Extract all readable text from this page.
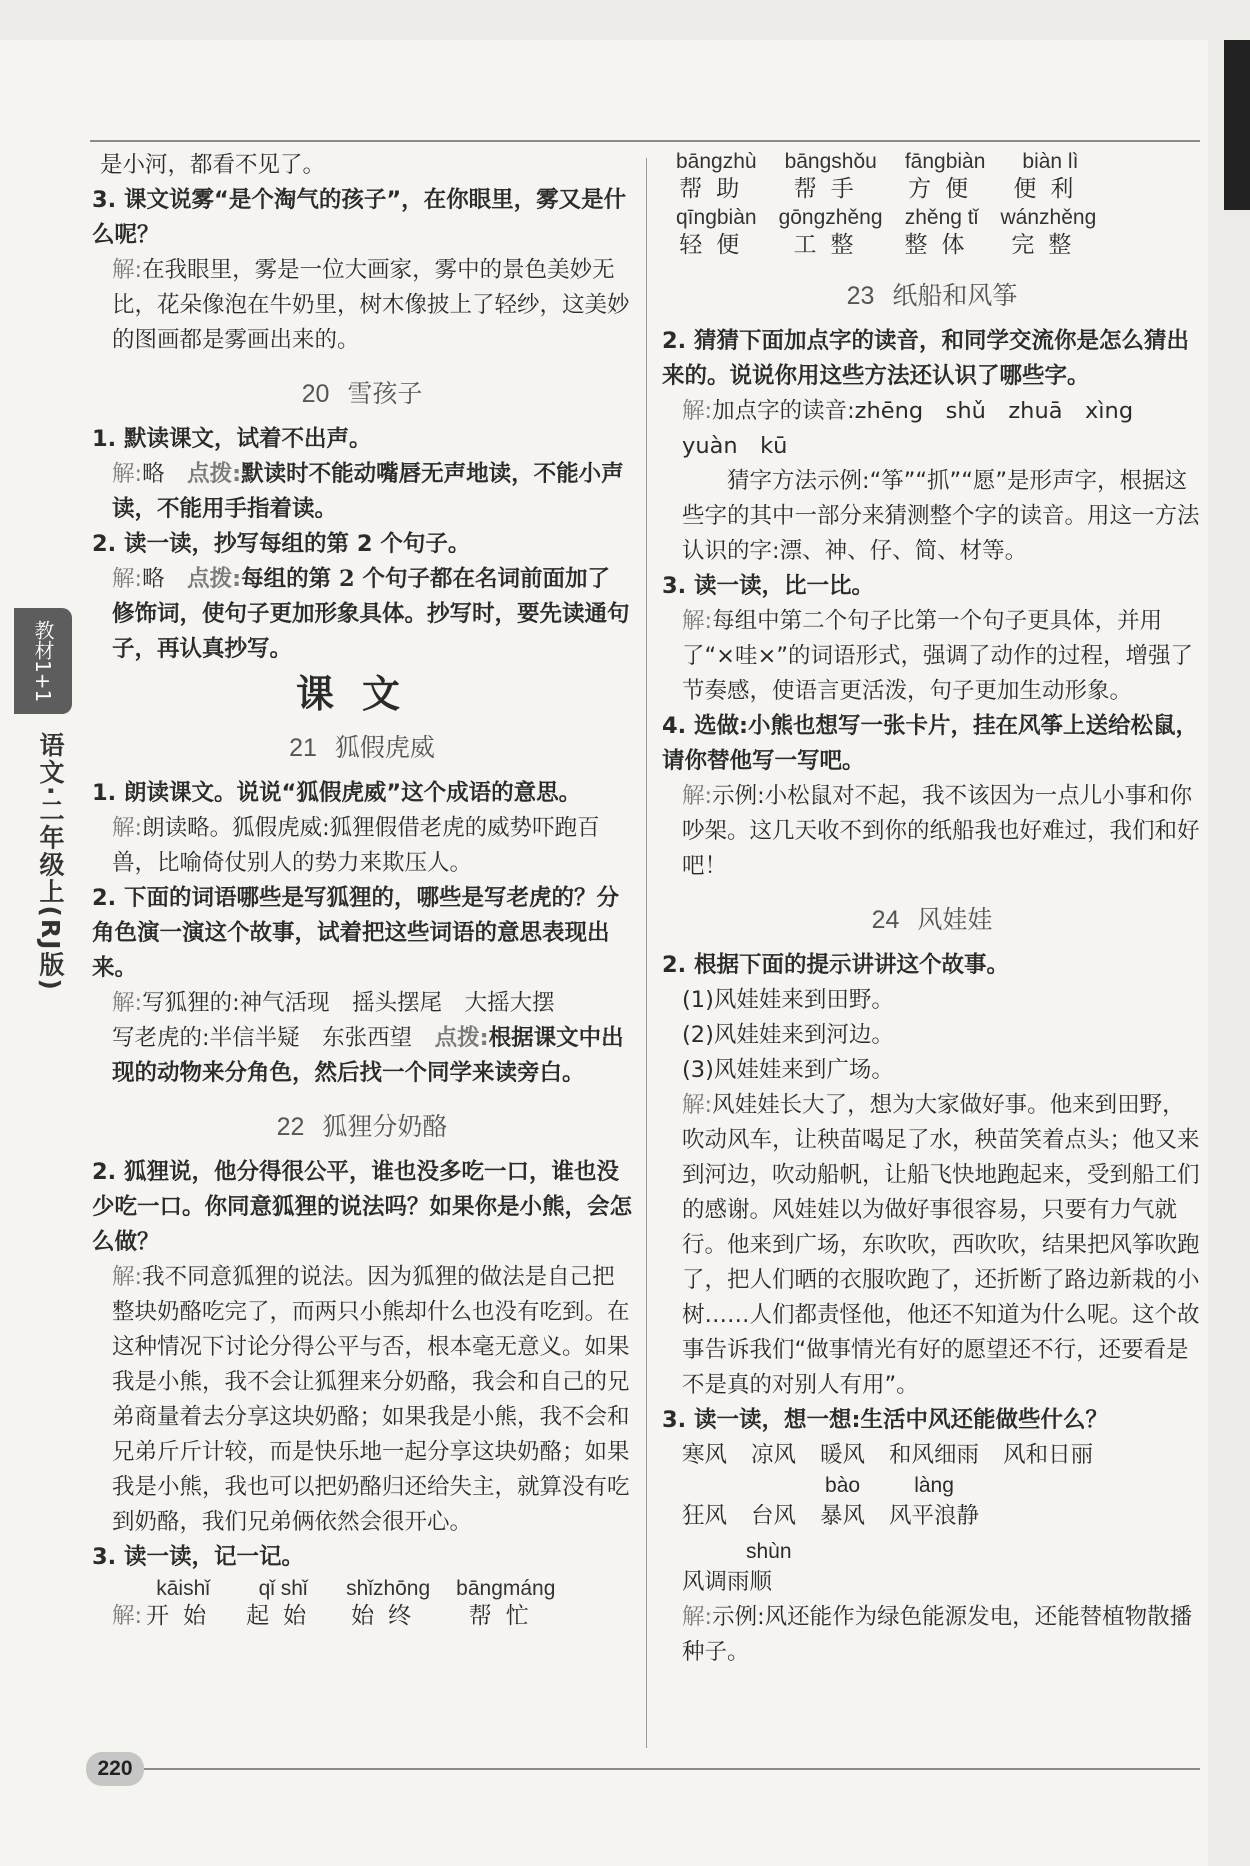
教材1+1
语文·二年级上(RJ版)

是小河，都看不见了。

3. 课文说雾“是个淘气的孩子”，在你眼里，雾又是什么呢？

解:在我眼里，雾是一位大画家，雾中的景色美妙无比，花朵像泡在牛奶里，树木像披上了轻纱，这美妙的图画都是雾画出来的。

20 雪孩子

1. 默读课文，试着不出声。

解:略　 点拨:默读时不能动嘴唇无声地读，不能小声读，不能用手指着读。

2. 读一读，抄写每组的第 2 个句子。

解:略　 点拨:每组的第 2 个句子都在名词前面加了修饰词，使句子更加形象具体。抄写时，要先读通句子，再认真抄写。

课文
21 狐假虎威

1. 朗读课文。说说“狐假虎威”这个成语的意思。

解:朗读略。狐假虎威:狐狸假借老虎的威势吓跑百兽，比喻倚仗别人的势力来欺压人。

2. 下面的词语哪些是写狐狸的，哪些是写老虎的？分角色演一演这个故事，试着把这些词语的意思表现出来。

解:写狐狸的:神气活现　摇头摆尾　大摇大摆

写老虎的:半信半疑　东张西望　 点拨:根据课文中出现的动物来分角色，然后找一个同学来读旁白。

22 狐狸分奶酪

2. 狐狸说，他分得很公平，谁也没多吃一口，谁也没少吃一口。你同意狐狸的说法吗？如果你是小熊，会怎么做？

解:我不同意狐狸的说法。因为狐狸的做法是自己把整块奶酪吃完了，而两只小熊却什么也没有吃到。在这种情况下讨论分得公平与否，根本毫无意义。如果我是小熊，我不会让狐狸来分奶酪，我会和自己的兄弟商量着去分享这块奶酪；如果我是小熊，我不会和兄弟斤斤计较，而是快乐地一起分享这块奶酪；如果我是小熊，我也可以把奶酪归还给失主，就算没有吃到奶酪，我们兄弟俩依然会很开心。

3. 读一读，记一记。

解:
kāishǐ
开始
qǐ shǐ
起始
shǐzhōng
始终
bāngmáng
帮忙
bāngzhù
帮助
bāngshǒu
帮手
fāngbiàn
方便
biàn lì
便利
qīngbiàn
轻便
gōngzhěng
工整
zhěng tǐ
整体
wánzhěng
完整
23 纸船和风筝

2. 猜猜下面加点字的读音，和同学交流你是怎么猜出来的。说说你用这些方法还认识了哪些字。

解:加点字的读音:zhēng　shǔ　zhuā　xìng　yuàn　kū

猜字方法示例:“筝”“抓”“愿”是形声字，根据这些字的其中一部分来猜测整个字的读音。用这一方法认识的字:漂、神、仔、简、材等。

3. 读一读，比一比。

解:每组中第二个句子比第一个句子更具体，并用了“×哇×”的词语形式，强调了动作的过程，增强了节奏感，使语言更活泼，句子更加生动形象。

4. 选做:小熊也想写一张卡片，挂在风筝上送给松鼠，请你替他写一写吧。

解:示例:小松鼠对不起，我不该因为一点儿小事和你吵架。这几天收不到你的纸船我也好难过，我们和好吧！

24 风娃娃

2. 根据下面的提示讲讲这个故事。

(1)风娃娃来到田野。

(2)风娃娃来到河边。

(3)风娃娃来到广场。

解:风娃娃长大了，想为大家做好事。他来到田野，吹动风车，让秧苗喝足了水，秧苗笑着点头；他又来到河边，吹动船帆，让船飞快地跑起来，受到船工们的感谢。风娃娃以为做好事很容易，只要有力气就行。他来到广场，东吹吹，西吹吹，结果把风筝吹跑了，把人们晒的衣服吹跑了，还折断了路边新栽的小树……人们都责怪他，他还不知道为什么呢。这个故事告诉我们“做事情光有好的愿望还不行，还要看是不是真的对别人有用”。

3. 读一读，想一想:生活中风还能做些什么？

寒风 凉风 暖风 和风细雨 风和日丽
狂风 台风
bào
暴风
làng
风平浪静
shùn
风调雨顺

解:示例:风还能作为绿色能源发电，还能替植物散播种子。

220
